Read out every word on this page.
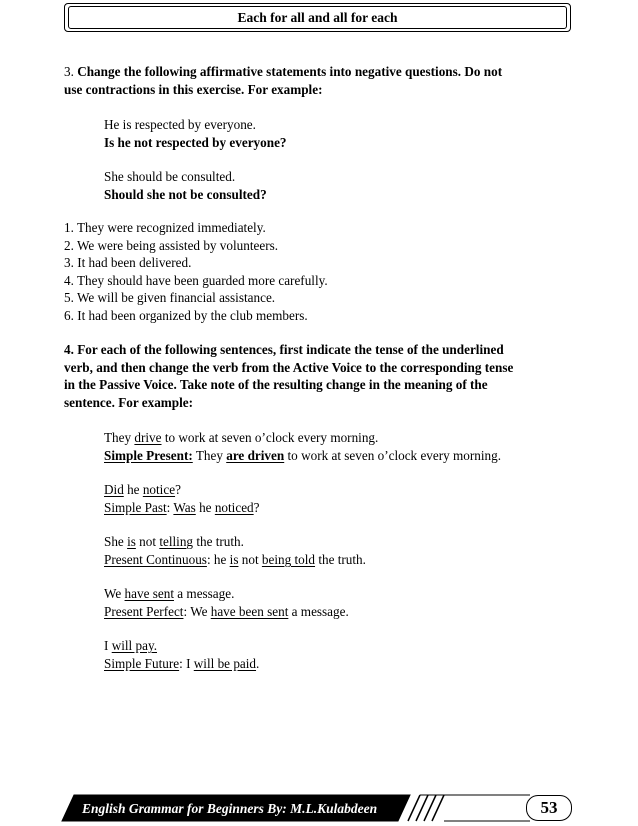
Each for all and all for each
3. Change the following affirmative statements into negative questions. Do not
use contractions in this exercise. For example:
He is respected by everyone.
Is he not respected by everyone?
She should be consulted.
Should she not be consulted?
1. They were recognized immediately.
2. We were being assisted by volunteers.
3. It had been delivered.
4. They should have been guarded more carefully.
5. We will be given financial assistance.
6. It had been organized by the club members.
4. For each of the following sentences, first indicate the tense of the underlined
verb, and then change the verb from the Active Voice to the corresponding tense
in the Passive Voice. Take note of the resulting change in the meaning of the
sentence. For example:
They drive to work at seven o’clock every morning.
Simple Present: They are driven to work at seven o’clock every morning.
Did he notice?
Simple Past: Was he noticed?
She is not telling the truth.
Present Continuous: he is not being told the truth.
We have sent a message.
Present Perfect: We have been sent a message.
I will pay.
Simple Future: I will be paid.
English Grammar for Beginners By: M.L.Kulabdeen	53
